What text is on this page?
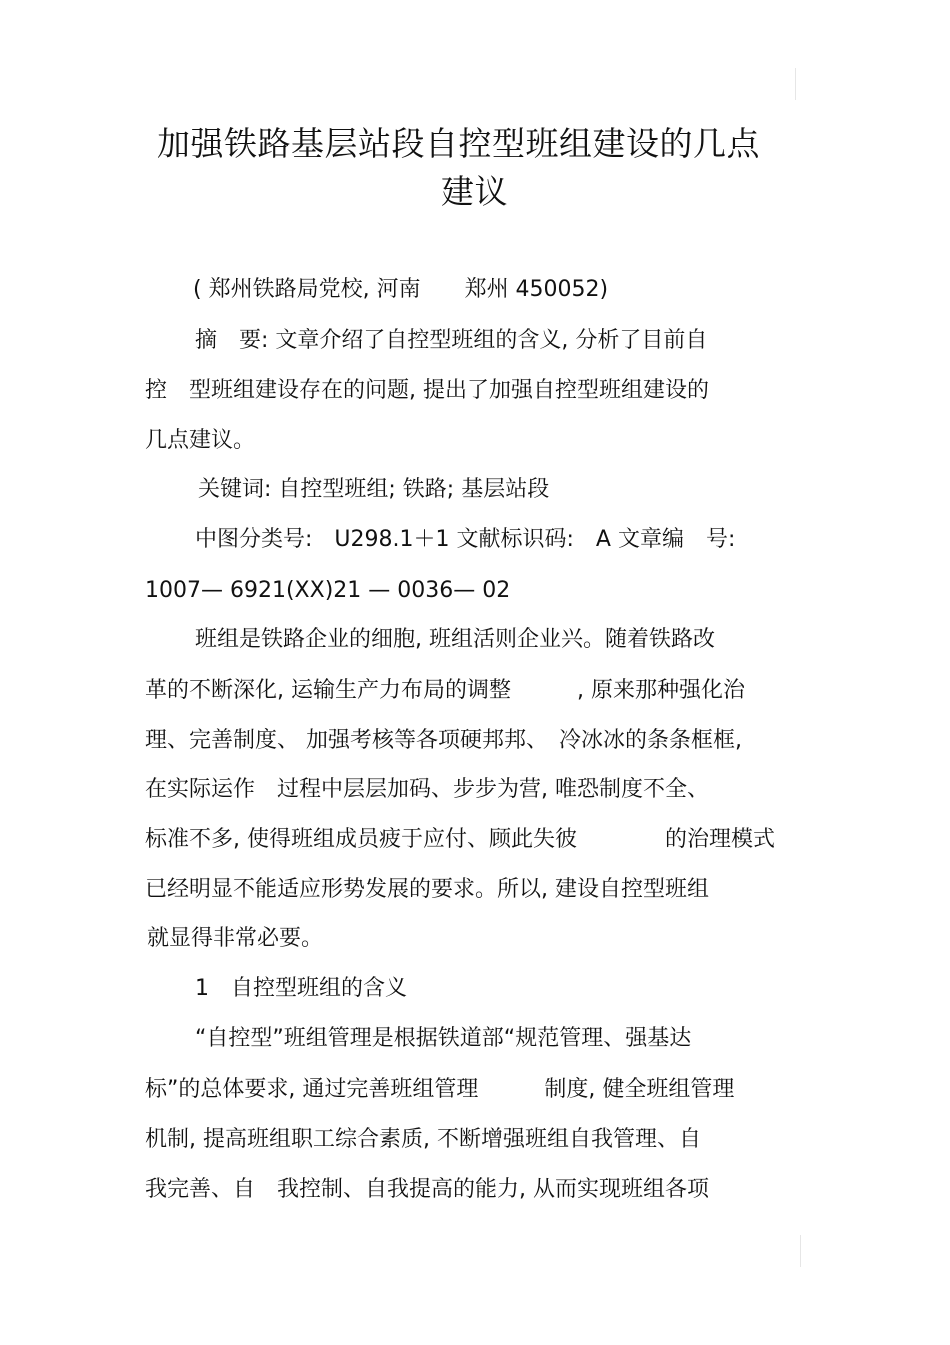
加强铁路基层站段自控型班组建设的几点
建议
( 郑州铁路局党校, 河南　　郑州 450052)
摘　要: 文章介绍了自控型班组的含义, 分析了目前自
控　型班组建设存在的问题, 提出了加强自控型班组建设的
几点建议。
关键词: 自控型班组; 铁路; 基层站段
中图分类号:　U298.1＋1 文献标识码:　A 文章编　号:
1007— 6921(XX)21 — 0036— 02
班组是铁路企业的细胞, 班组活则企业兴。随着铁路改
革的不断深化, 运输生产力布局的调整　　　, 原来那种强化治
理、完善制度、 加强考核等各项硬邦邦、　冷冰冰的条条框框,
在实际运作　过程中层层加码、步步为营, 唯恐制度不全、
标准不多, 使得班组成员疲于应付、顾此失彼　　　　的治理模式
已经明显不能适应形势发展的要求。所以, 建设自控型班组
就显得非常必要。
1　自控型班组的含义
“自控型”班组管理是根据铁道部“规范管理、强基达
标”的总体要求, 通过完善班组管理　　　制度, 健全班组管理
机制, 提高班组职工综合素质, 不断增强班组自我管理、自
我完善、自　我控制、自我提高的能力, 从而实现班组各项
